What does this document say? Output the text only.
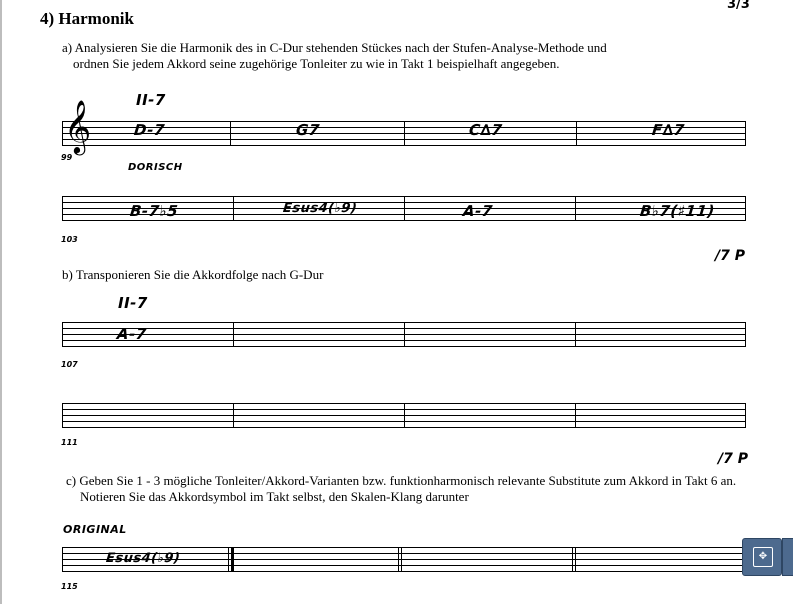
3/3
4) Harmonik
a) Analysieren Sie die Harmonik des in C-Dur stehenden Stückes nach der Stufen-Analyse-Methode und
ordnen Sie jedem Akkord seine zugehörige Tonleiter zu wie in Takt 1 beispielhaft angegeben.
II-7
𝄞	D-7	G7	C∆7	F∆7
99
DORISCH
B-7♭5	Esus4(♭9)	A-7	B♭7(♯11)
103
/7 P
b) Transponieren Sie die Akkordfolge nach G-Dur
II-7
A-7
107
111
/7 P
c) Geben Sie 1 - 3 mögliche Tonleiter/Akkord-Varianten bzw. funktionharmonisch relevante Substitute zum Akkord in Takt 6 an.
Notieren Sie das Akkordsymbol im Takt selbst, den Skalen-Klang darunter
ORIGINAL
Esus4(♭9)
115
✥
